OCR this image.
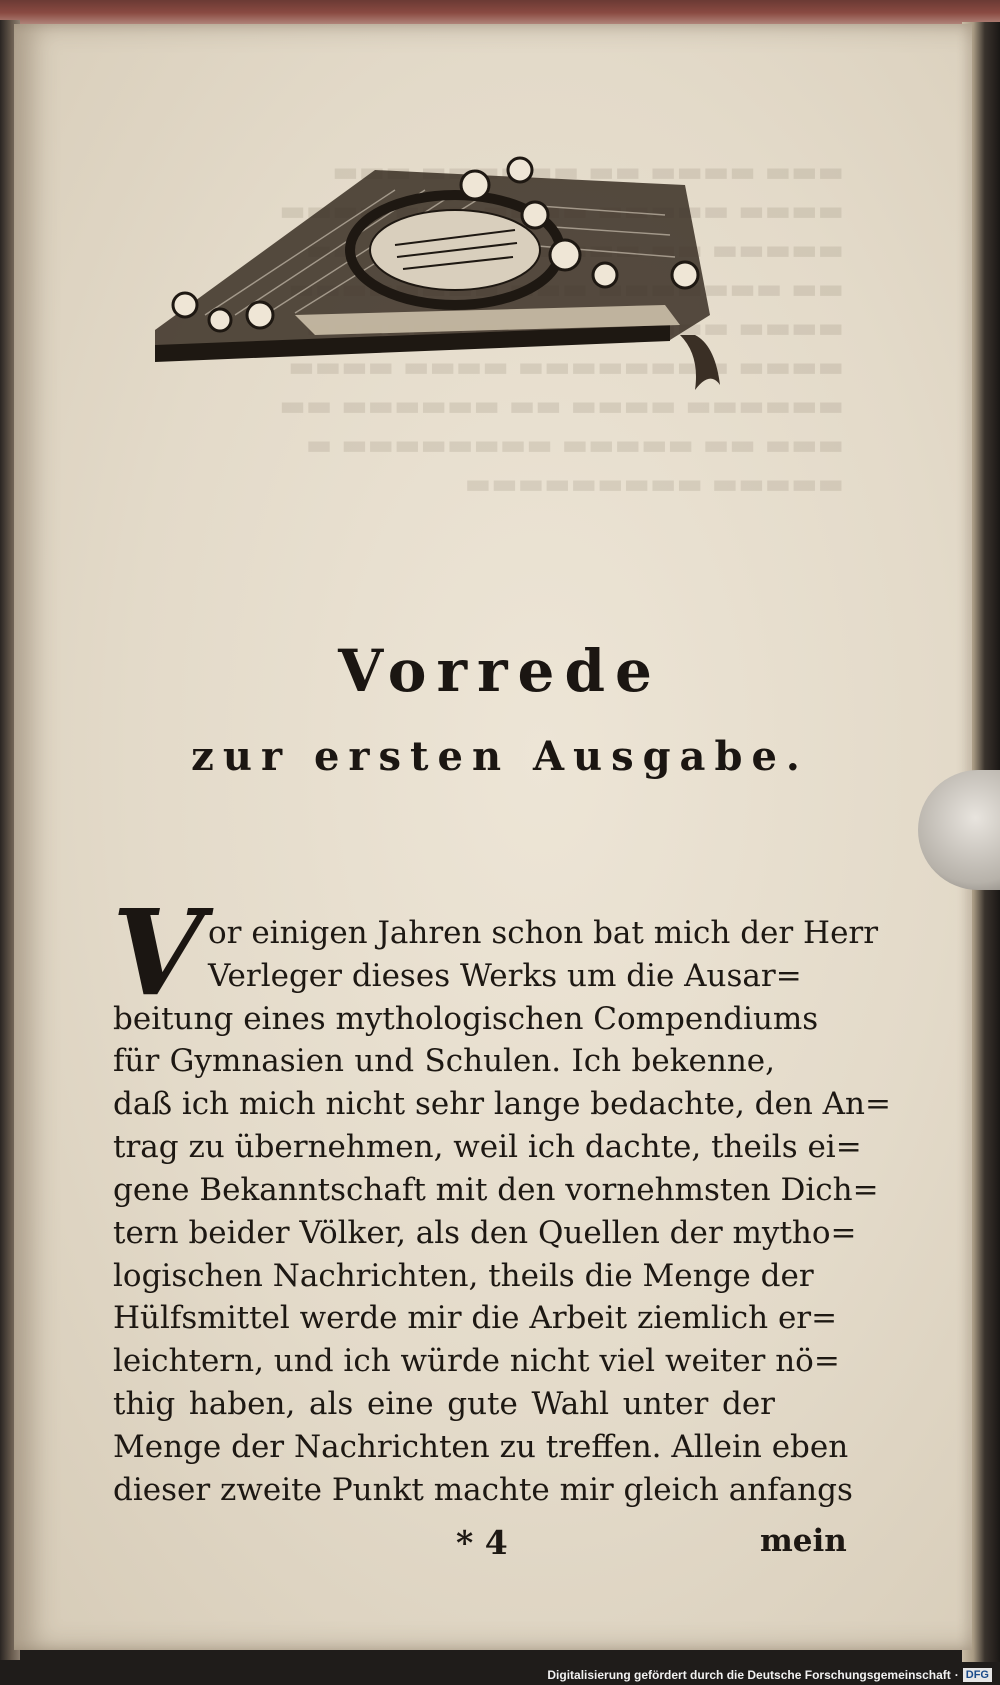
▬▬▬ ▬▬▬▬ ▬▬ ▬▬▬▬▬▬ ▬▬▬
▬▬▬▬
▬▬▬▬▬
▬▬
▬▬▬▬
▬▬▬▬ ▬▬▬▬▬▬▬▬ ▬▬▬▬ ▬▬▬▬
▬▬▬▬▬▬ ▬▬▬▬ ▬▬ ▬▬▬▬▬▬ ▬▬
▬▬▬ ▬▬ ▬▬▬▬▬ ▬▬▬▬▬▬▬▬ ▬
▬▬▬▬▬ ▬▬▬▬▬▬▬▬▬
Vorrede
zur ersten Ausgabe.
V or einigen Jahren schon bat mich der Herr
Verleger dieses Werks um die Ausar=
beitung eines mythologischen Compendiums
für Gymnasien und Schulen. Ich bekenne,
daß ich mich nicht sehr lange bedachte, den An=
trag zu übernehmen, weil ich dachte, theils ei=
gene Bekanntschaft mit den vornehmsten Dich=
tern beider Völker, als den Quellen der mytho=
logischen Nachrichten, theils die Menge der
Hülfsmittel werde mir die Arbeit ziemlich er=
leichtern, und ich würde nicht viel weiter nö=
thig haben, als eine gute Wahl unter der
Menge der Nachrichten zu treffen. Allein eben
dieser zweite Punkt machte mir gleich anfangs
* 4	mein
Digitalisierung gefördert durch die Deutsche Forschungsgemeinschaft · DFG
